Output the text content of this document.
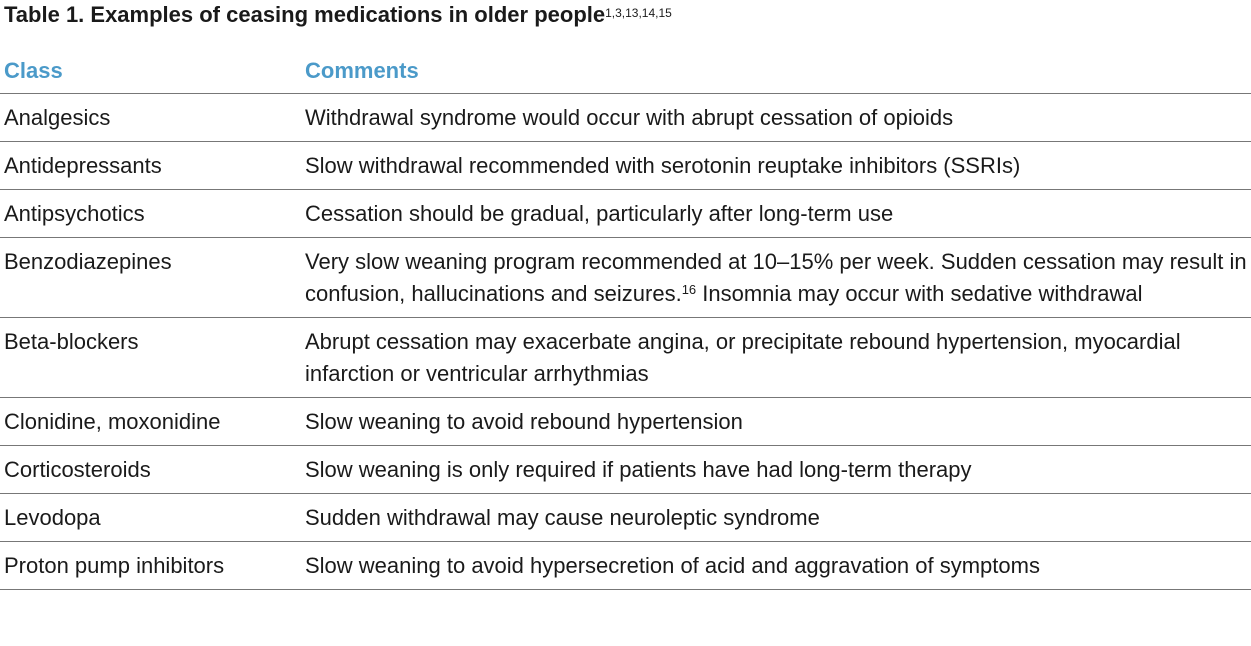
Table 1. Examples of ceasing medications in older people$^{1,3,13,14,15}$
Class	Comments
Analgesics	Withdrawal syndrome would occur with abrupt cessation of opioids
Antidepressants	Slow withdrawal recommended with serotonin reuptake inhibitors (SSRIs)
Antipsychotics	Cessation should be gradual, particularly after long-term use
Benzodiazepines	Very slow weaning program recommended at 10–15% per week. Sudden cessation may result in confusion, hallucinations and seizures.$^{16}$ Insomnia may occur with sedative withdrawal
Beta-blockers	Abrupt cessation may exacerbate angina, or precipitate rebound hypertension, myocardial infarction or ventricular arrhythmias
Clonidine, moxonidine	Slow weaning to avoid rebound hypertension
Corticosteroids	Slow weaning is only required if patients have had long-term therapy
Levodopa	Sudden withdrawal may cause neuroleptic syndrome
Proton pump inhibitors	Slow weaning to avoid hypersecretion of acid and aggravation of symptoms
